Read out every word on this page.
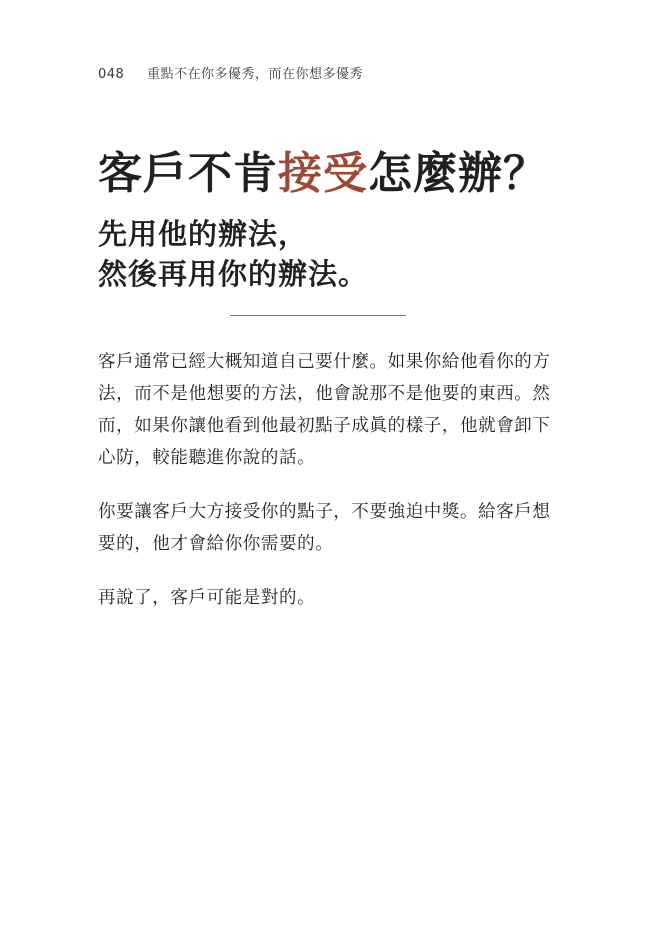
048 重點不在你多優秀，而在你想多優秀
客戶不肯接受怎麼辦？
先用他的辦法，
然後再用你的辦法。

客戶通常已經大概知道自己要什麼。如果你給他看你的方
法，而不是他想要的方法，他會說那不是他要的東西。然
而，如果你讓他看到他最初點子成眞的樣子，他就會卸下
心防，較能聽進你說的話。

你要讓客戶大方接受你的點子，不要強迫中獎。給客戶想
要的，他才會給你你需要的。

再說了，客戶可能是對的。
